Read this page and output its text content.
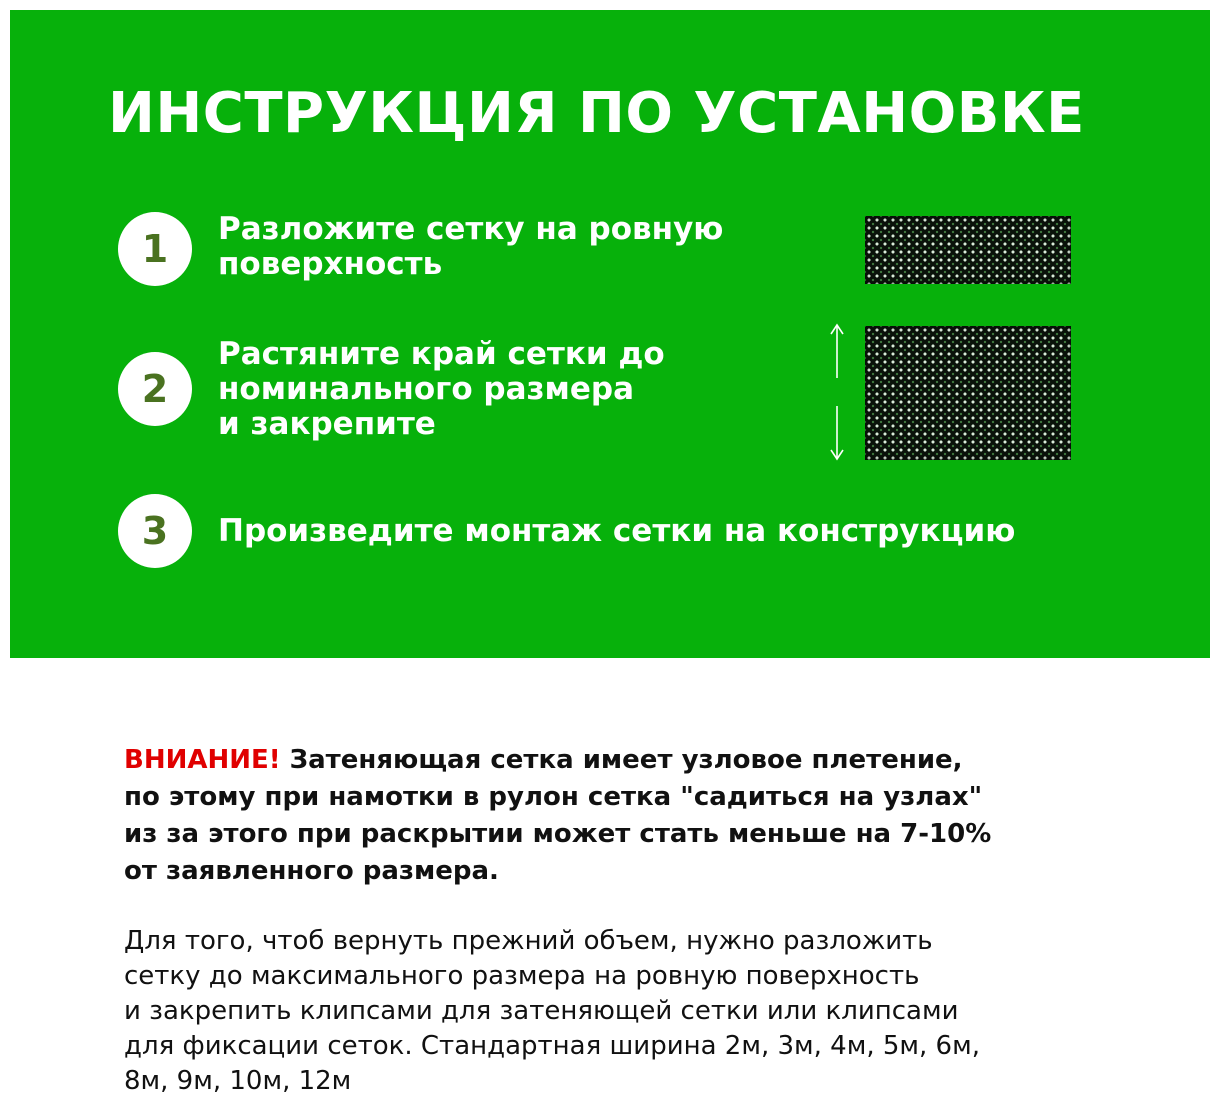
ИНСТРУКЦИЯ ПО УСТАНОВКЕ
1	Разложите сетку на ровную
поверхность
2
Растяните край сетки до
номинального размера
и закрепите
3	Произведите монтаж сетки на конструкцию

ВНИАНИЕ! Затеняющая сетка имеет узловое плетение,
по этому при намотки в рулон сетка "садиться на узлах"
из за этого при раскрытии может стать меньше на 7-10%
от заявленного размера.

Для того, чтоб вернуть прежний объем, нужно разложить
сетку до максимального размера на ровную поверхность
и закрепить клипсами для затеняющей сетки или клипсами
для фиксации сеток. Стандартная ширина 2м, 3м, 4м, 5м, 6м,
8м, 9м, 10м, 12м
